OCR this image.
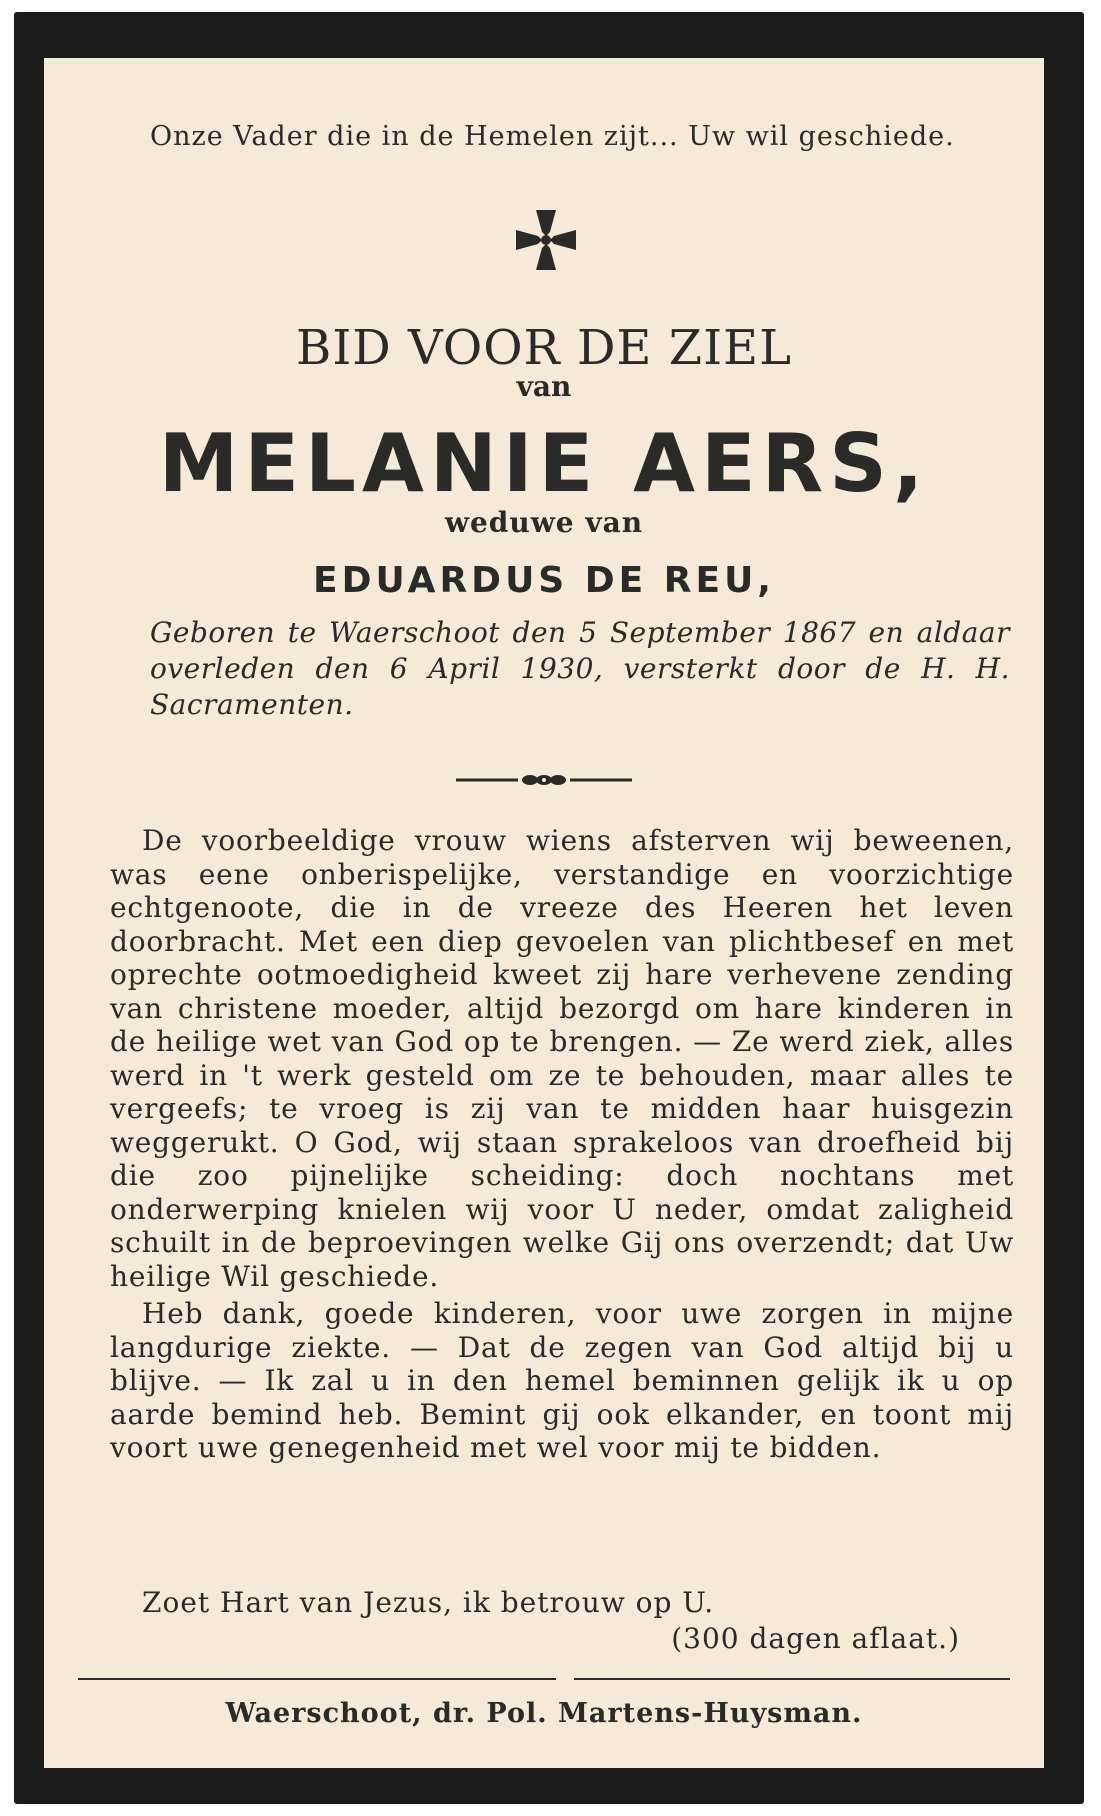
Onze Vader die in de Hemelen zijt... Uw wil geschiede.
BID VOOR DE ZIEL
van
MELANIE AERS,
weduwe van
EDUARDUS DE REU,
Geboren te Waerschoot den 5 September 1867 en aldaar overleden den 6 April 1930, versterkt door de H. H. Sacramenten.

De voorbeeldige vrouw wiens afsterven wij beweenen, was eene onberispelijke, verstandige en voorzichtige echtgenoote, die in de vreeze des Heeren het leven doorbracht. Met een diep gevoelen van plichtbesef en met oprechte ootmoedigheid kweet zij hare verhevene zending van christene moeder, altijd bezorgd om hare kinderen in de heilige wet van God op te brengen. — Ze werd ziek, alles werd in 't werk gesteld om ze te behouden, maar alles te vergeefs; te vroeg is zij van te midden haar huisgezin weggerukt. O God, wij staan sprakeloos van droefheid bij die zoo pijnelijke scheiding: doch nochtans met onderwerping knielen wij voor U neder, omdat zaligheid schuilt in de beproevingen welke Gij ons overzendt; dat Uw heilige Wil geschiede.

Heb dank, goede kinderen, voor uwe zorgen in mijne langdurige ziekte. — Dat de zegen van God altijd bij u blijve. — Ik zal u in den hemel beminnen gelijk ik u op aarde bemind heb. Bemint gij ook elkander, en toont mij voort uwe genegenheid met wel voor mij te bidden.

Zoet Hart van Jezus, ik betrouw op U.
(300 dagen aflaat.)
Waerschoot, dr. Pol. Martens-Huysman.
